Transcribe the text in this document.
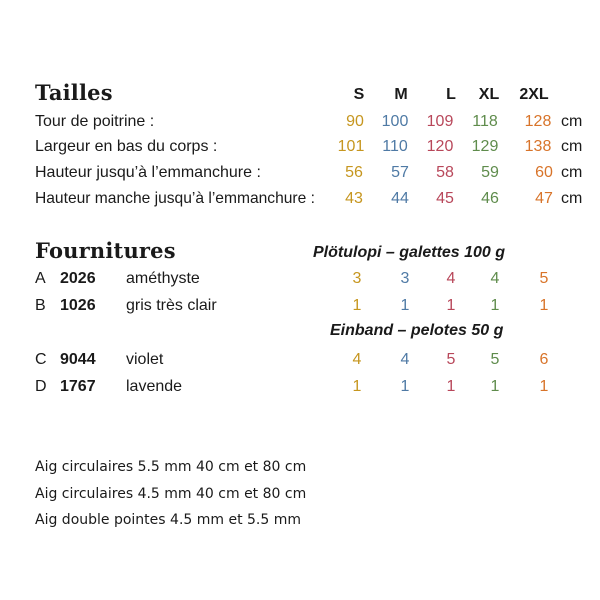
Tailles	S	M	L	XL	2XL
Tour de poitrine :	90	100	109	118	128 cm
Largeur en bas du corps :	101	110	120	129	138 cm
Hauteur jusqu’à l’emmanchure :	56	57	58	59	60 cm
Hauteur manche jusqu’à l’emmanchure :	43	44	45	46	47 cm
Fournitures	Plötulopi – galettes 100 g
A 2026 améthyste	3	3	4	4	5
B 1026 gris très clair	1	1	1	1	1
Einband – pelotes 50 g
C 9044 violet	4	4	5	5	6
D 1767 lavende	1	1	1	1	1
Aig circulaires 5.5 mm 40 cm et 80 cm
Aig circulaires 4.5 mm 40 cm et 80 cm
Aig double pointes 4.5 mm et 5.5 mm
